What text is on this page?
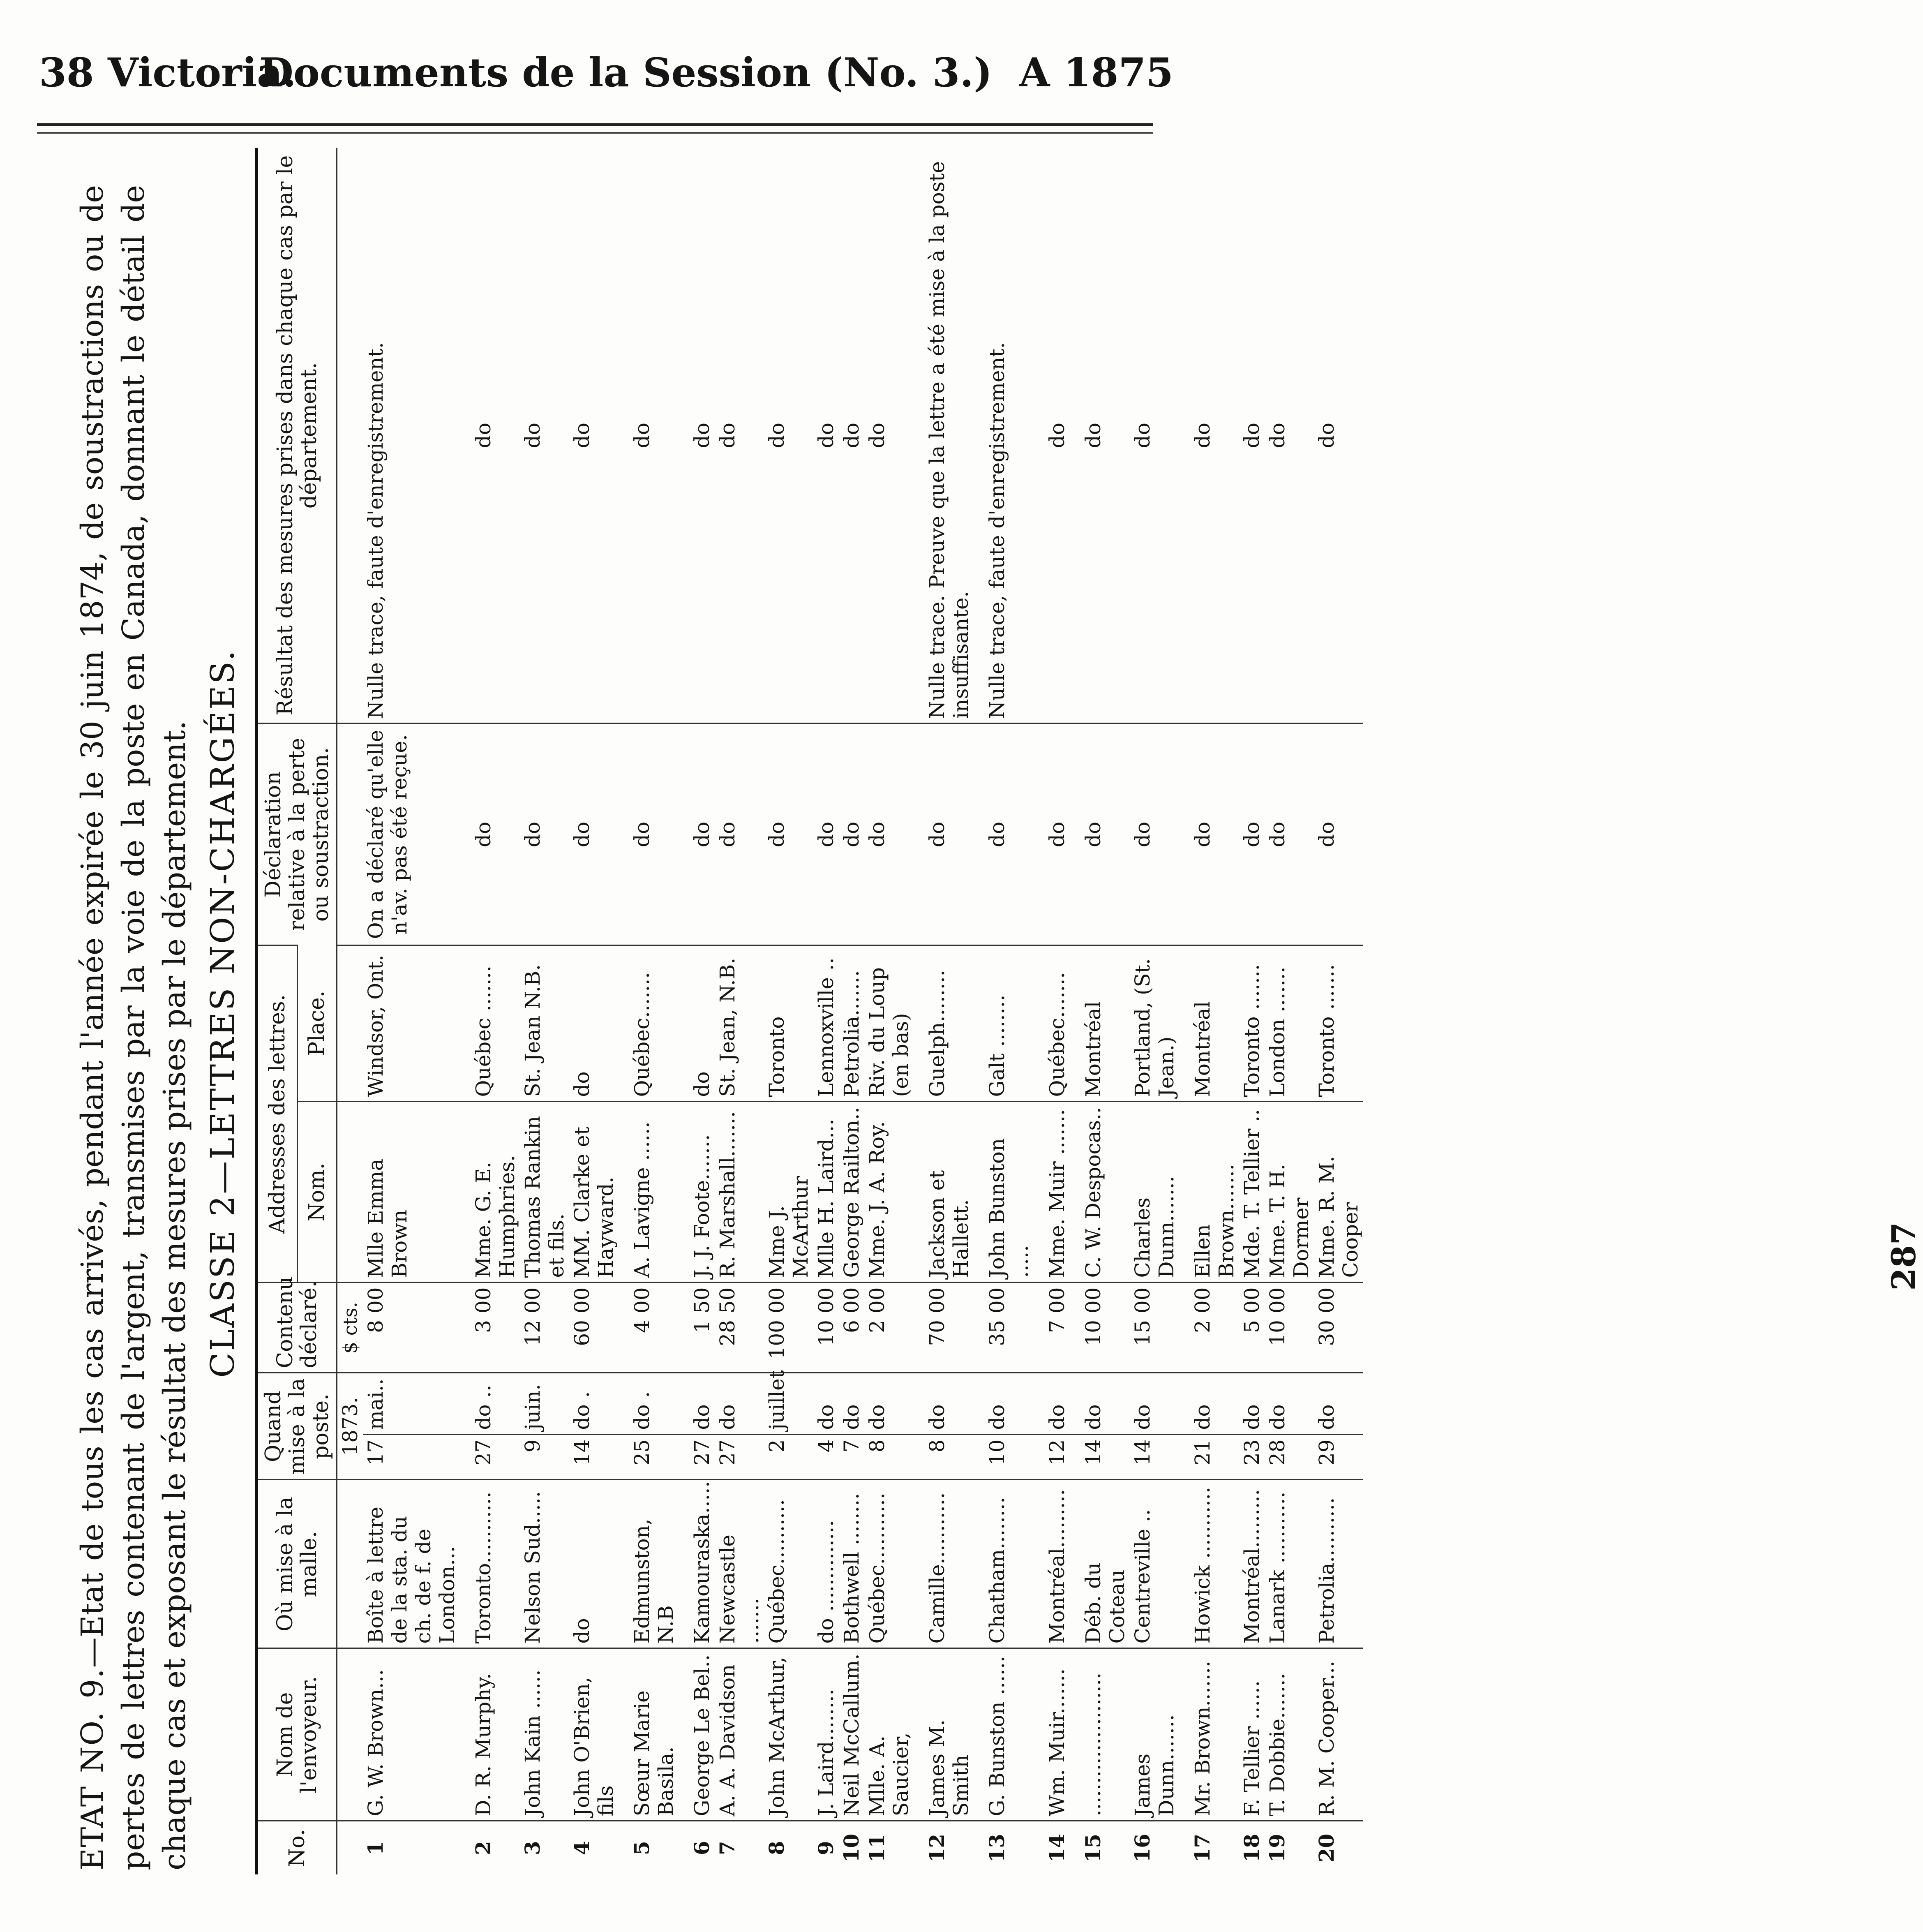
38 Victoria.
Documents de la Session (No. 3.) A 1875
ETAT NO. 9.—Etat de tous les cas arrivés, pendant l'année expirée le 30 juin 1874, de soustractions ou de pertes de lettres contenant de l'argent, transmises par la voie de la poste en Canada, donnant le détail de chaque cas et exposant le résultat des mesures prises par le département. CLASSE 2—LETTRES NON-CHARGÉES.
No.	Nom de l'envoyeur.	Où mise à la malle.	Quand mise à la poste.		Contenu déclaré.	Addresses des lettres.		Déclaration relative à la perte ou soustraction.	Résultat des mesures prises dans chaque cas par le département.
						Nom.	Place.		
			1873.		$ cts.				
1	G. W. Brown...	Boîte à lettre de la sta. du ch. de f. de London...	17	mai..	8 00	Mlle Emma Brown	Windsor, Ont.	On a déclaré qu'elle n'av. pas été reçue.	Nulle trace, faute d'enregistrement.

2	D. R. Murphy.	Toronto...........	27	do ..	3 00	Mme. G. E. Humphries.	Québec .......	do	do
3	John Kain ......	Nelson Sud.....	9	juin.	12 00	Thomas Rankin et fils.	St. Jean N.B.	do	do
4	John O'Brien, fils	do	14	do .	60 00	MM. Clarke et Hayward.	do	do	do

5	Sœur Marie Basila.	Edmunston, N.B	25	do .	4 00	A. Lavigne ......	Québec.......	do	do

6	George Le Bel..	Kamouraska.....	27	do	1 50	J. J. Foote.......	do	do	do
7	A. A. Davidson	Newcastle .......	27	do	28 50	R. Marshall.......	St. Jean, N.B.	do	do
8	John McArthur,	Québec..........	2	juillet	100 00	Mme J. McArthur	Toronto	do	do
9	J. Laird........	do ..............	4	do	10 00	Mlle H. Laird...	Lennoxville ..	do	do
10	Neil McCallum.	Bothwell ........	7	do	6 00	George Railton..	Petrolia.......	do	do
11	Mlle. A. Saucier,	Québec...........	8	do	2 00	Mme. J. A. Roy.	Riv. du Loup (en bas)	do	do

12	James M. Smith	Camille...........	8	do	70 00	Jackson et Hallett.	Guelph........	do	Nulle trace. Preuve que la lettre a été mise à la poste insuffisante.

13	G. Bunston ......	Chatham........	10	do	35 00	John Bunston .....	Galt ........	do	Nulle trace, faute d'enregistrement.

14	Wm. Muir.......	Montréal.........	12	do	7 00	Mme. Muir .......	Québec.......	do	do

15	......................	Déb. du Coteau	14	do	10 00	C. W. Despocas..	Montréal	do	do
16	James Dunn.......	Centreville ..	14	do	15 00	Charles Dunn.......	Portland, (St. Jean.)	do	do

17	Mr. Brown.......	Howick ...........	21	do	2 00	Ellen Brown.......	Montréal	do	do
18	F. Tellier ......	Montréal.........	23	do	5 00	Mde. T. Tellier ..	Toronto .......	do	do
19	T. Dobbie.......	Lanark ...........	28	do	10 00	Mme. T. H. Dormer	London .......	do	do
20	R. M. Cooper...	Petrolia..........	29	do	30 00	Mme. R. M. Cooper	Toronto .......	do	do
287
